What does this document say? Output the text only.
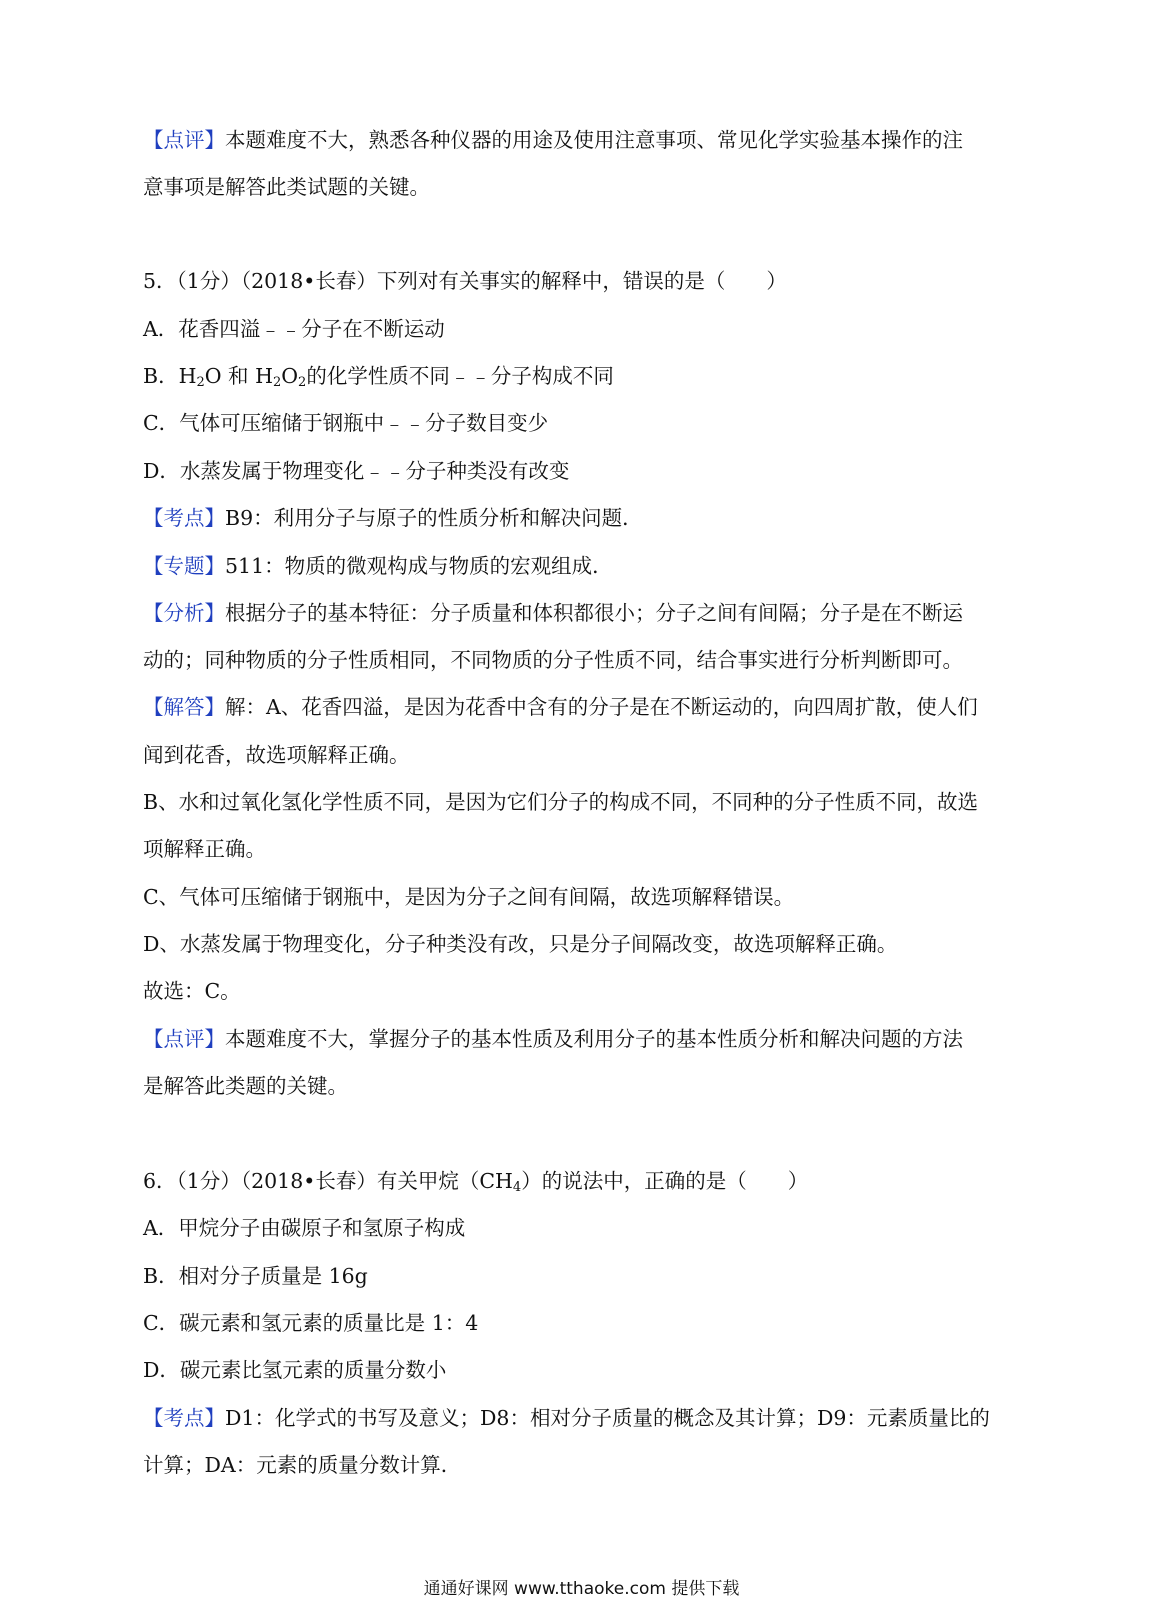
【点评】本题难度不大，熟悉各种仪器的用途及使用注意事项、常见化学实验基本操作的注
意事项是解答此类试题的关键。
5．（1分）（2018•长春）下列对有关事实的解释中，错误的是（　　）
A．花香四溢﹣﹣分子在不断运动
B．$H_2O$ 和 $H_2O_2$的化学性质不同﹣﹣分子构成不同
C．气体可压缩储于钢瓶中﹣﹣分子数目变少
D．水蒸发属于物理变化﹣﹣分子种类没有改变
【考点】B9：利用分子与原子的性质分析和解决问题．
【专题】511：物质的微观构成与物质的宏观组成．
【分析】根据分子的基本特征：分子质量和体积都很小；分子之间有间隔；分子是在不断运
动的；同种物质的分子性质相同，不同物质的分子性质不同，结合事实进行分析判断即可。
【解答】解：A、花香四溢，是因为花香中含有的分子是在不断运动的，向四周扩散，使人们
闻到花香，故选项解释正确。
B、水和过氧化氢化学性质不同，是因为它们分子的构成不同，不同种的分子性质不同，故选
项解释正确。
C、气体可压缩储于钢瓶中，是因为分子之间有间隔，故选项解释错误。
D、水蒸发属于物理变化，分子种类没有改，只是分子间隔改变，故选项解释正确。
故选：C。
【点评】本题难度不大，掌握分子的基本性质及利用分子的基本性质分析和解决问题的方法
是解答此类题的关键。
6．（1分）（2018•长春）有关甲烷$(CH_4)$的说法中，正确的是（　　）
A．甲烷分子由碳原子和氢原子构成
B．相对分子质量是 16g
C．碳元素和氢元素的质量比是 1：4
D．碳元素比氢元素的质量分数小
【考点】D1：化学式的书写及意义；D8：相对分子质量的概念及其计算；D9：元素质量比的
计算；DA：元素的质量分数计算．
通通好课网 www.tthaoke.com 提供下载
